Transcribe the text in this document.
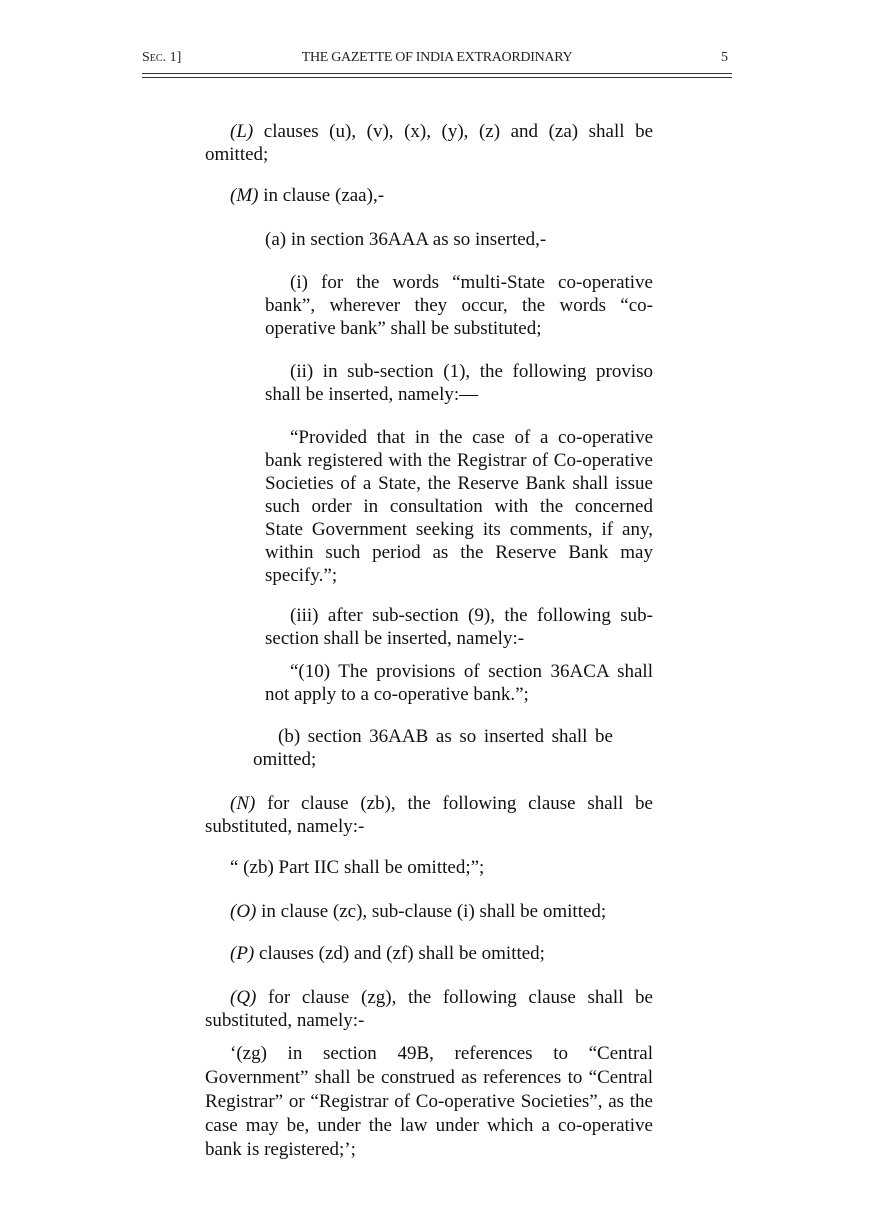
Sec. 1]	THE GAZETTE OF INDIA EXTRAORDINARY	5

(L) clauses (u), (v), (x), (y), (z) and (za) shall be omitted;

(M) in clause (zaa),-

(a) in section 36AAA as so inserted,-

(i) for the words “multi-State co-operative bank”, wherever they occur, the words “co-operative bank” shall be substituted;

(ii) in sub-section (1), the following proviso shall be inserted, namely:—

“Provided that in the case of a co-operative bank registered with the Registrar of Co-operative Societies of a State, the Reserve Bank shall issue such order in consultation with the concerned State Government seeking its comments, if any, within such period as the Reserve Bank may specify.”;

(iii) after sub-section (9), the following sub-section shall be inserted, namely:-

“(10) The provisions of section 36ACA shall not apply to a co-operative bank.”;

(b) section 36AAB as so inserted shall be omitted;

(N) for clause (zb), the following clause shall be substituted, namely:-

“ (zb) Part IIC shall be omitted;”;

(O) in clause (zc), sub-clause (i) shall be omitted;

(P) clauses (zd) and (zf) shall be omitted;

(Q) for clause (zg), the following clause shall be substituted, namely:-

‘(zg) in section 49B, references to “Central Government” shall be construed as references to “Central Registrar” or “Registrar of Co-operative Societies”, as the case may be, under the law under which a co-operative bank is registered;’;
